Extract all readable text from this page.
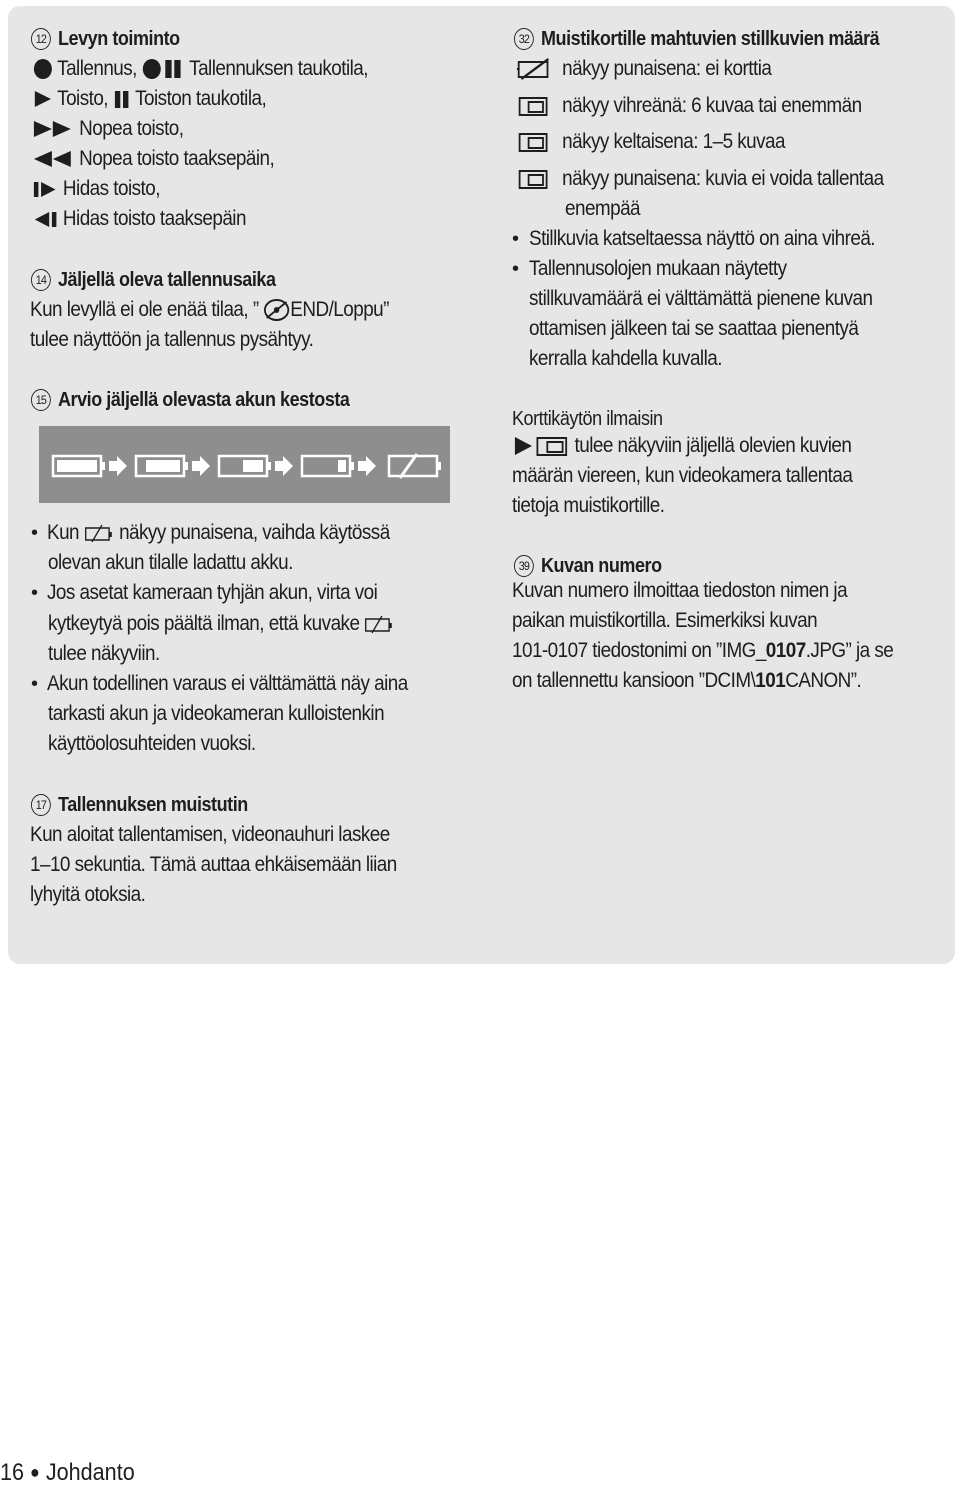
12 Levyn toiminto
Tallennus, Tallennuksen taukotila,
Toisto, Toiston taukotila,
Nopea toisto,
Nopea toisto taaksepäin,
Hidas toisto,
Hidas toisto taaksepäin
14 Jäljellä oleva tallennusaika
Kun levyllä ei ole enää tilaa, ” END/Loppu”
tulee näyttöön ja tallennus pysähtyy.
15 Arvio jäljellä olevasta akun kestosta
• Kun näkyy punaisena, vaihda käytössä
olevan akun tilalle ladattu akku.
• Jos asetat kameraan tyhjän akun, virta voi
kytkeytyä pois päältä ilman, että kuvake
tulee näkyviin.
• Akun todellinen varaus ei välttämättä näy aina
tarkasti akun ja videokameran kulloistenkin
käyttöolosuhteiden vuoksi.
17 Tallennuksen muistutin
Kun aloitat tallentamisen, videonauhuri laskee
1–10 sekuntia. Tämä auttaa ehkäisemään liian
lyhyitä otoksia.
32 Muistikortille mahtuvien stillkuvien määrä
näkyy punaisena: ei korttia
näkyy vihreänä: 6 kuvaa tai enemmän
näkyy keltaisena: 1–5 kuvaa
näkyy punaisena: kuvia ei voida tallentaa
enempää
• Stillkuvia katseltaessa näyttö on aina vihreä.
• Tallennusolojen mukaan näytetty
stillkuvamäärä ei välttämättä pienene kuvan
ottamisen jälkeen tai se saattaa pienentyä
kerralla kahdella kuvalla.
Korttikäytön ilmaisin
tulee näkyviin jäljellä olevien kuvien
määrän viereen, kun videokamera tallentaa
tietoja muistikortille.
39 Kuvan numero
Kuvan numero ilmoittaa tiedoston nimen ja
paikan muistikortilla. Esimerkiksi kuvan
101-0107 tiedostonimi on ”IMG_0107.JPG” ja se
on tallennettu kansioon ”DCIM\101CANON”.
16 ● Johdanto
